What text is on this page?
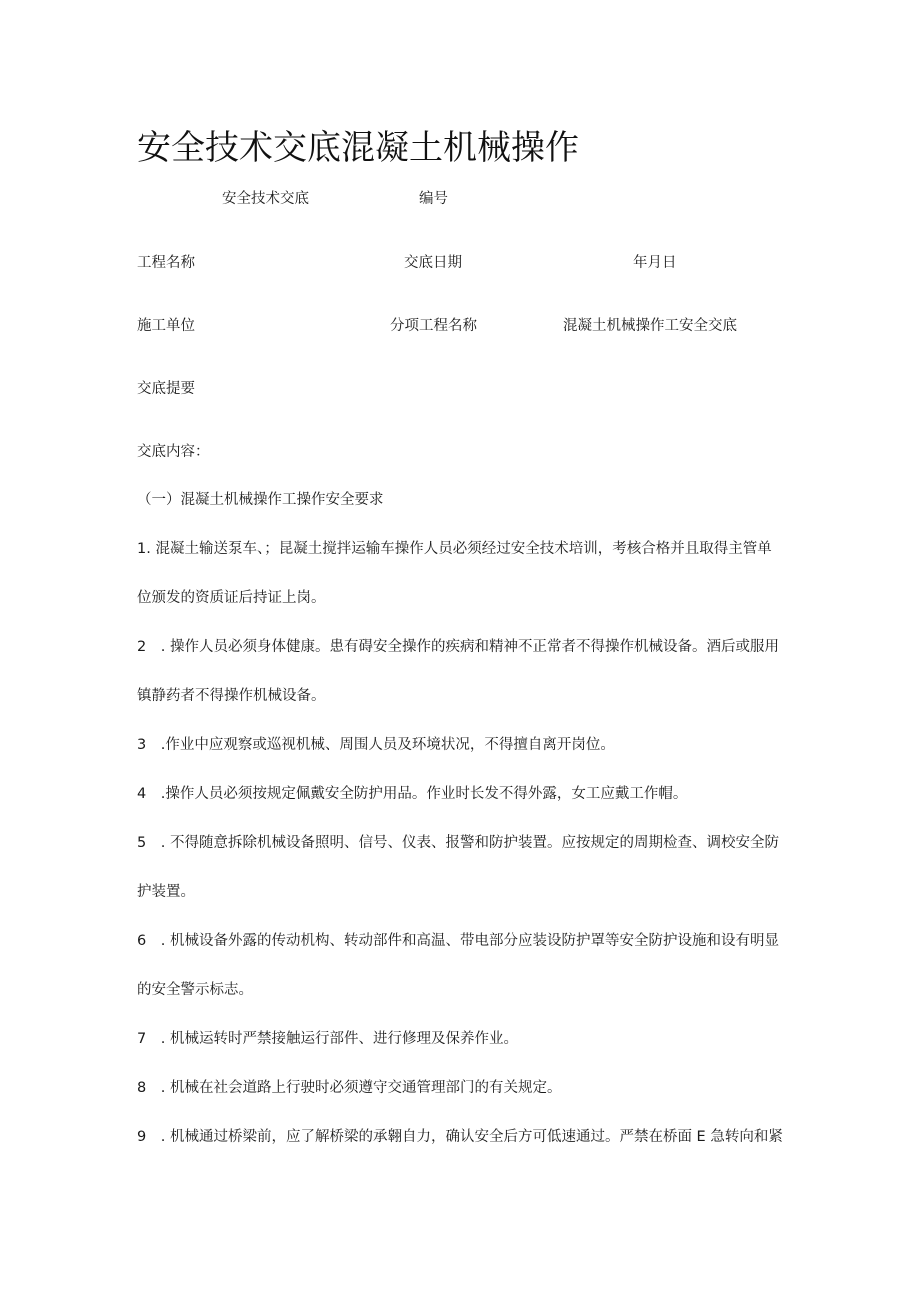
安全技术交底混凝土机械操作
安全技术交底	编号
工程名称	交底日期	年月日
施工单位	分项工程名称	混凝土机械操作工安全交底
交底提要
交底内容：
（一）混凝土机械操作工操作安全要求
1. 混凝土输送泵车、；昆凝土搅拌运输车操作人员必须经过安全技术培训，考核合格并且取得主管单
位颁发的资质证后持证上岗。
2　. 操作人员必须身体健康。患有碍安全操作的疾病和精神不正常者不得操作机械设备。酒后或服用
镇静药者不得操作机械设备。
3　.作业中应观察或巡视机械、周围人员及环境状况，不得擅自离开岗位。
4　.操作人员必须按规定佩戴安全防护用品。作业时长发不得外露，女工应戴工作帽。
5　. 不得随意拆除机械设备照明、信号、仪表、报警和防护装置。应按规定的周期检查、调校安全防
护装置。
6　. 机械设备外露的传动机构、转动部件和高温、带电部分应装设防护罩等安全防护设施和设有明显
的安全警示标志。
7　. 机械运转时严禁接触运行部件、进行修理及保养作业。
8　. 机械在社会道路上行驶时必须遵守交通管理部门的有关规定。
9　. 机械通过桥梁前，应了解桥梁的承翱自力，确认安全后方可低速通过。严禁在桥面 E 急转向和紧
